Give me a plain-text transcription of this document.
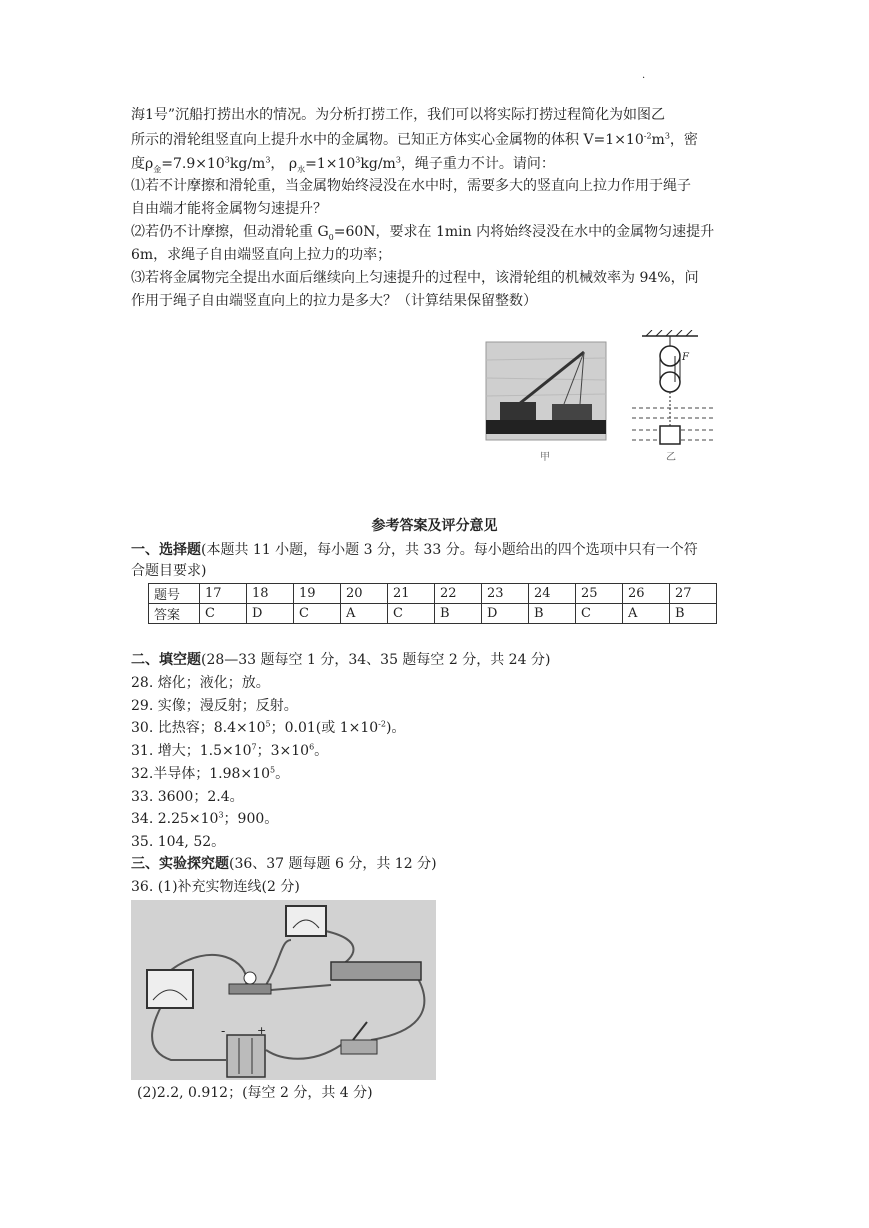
.
海1号”沉船打捞出水的情况。为分析打捞工作，我们可以将实际打捞过程简化为如图乙
所示的滑轮组竖直向上提升水中的金属物。已知正方体实心金属物的体积 $V=1\times 10^{-2}m^3$，密
度$\rho_金=7.9\times 10^3kg/m^3$， $\rho_水=1\times 10^3kg/m^3$，绳子重力不计。请问：
⑴若不计摩擦和滑轮重，当金属物始终浸没在水中时，需要多大的竖直向上拉力作用于绳子
自由端才能将金属物匀速提升？
⑵若仍不计摩擦，但动滑轮重 $G_0=60N$，要求在 1min 内将始终浸没在水中的金属物匀速提升
6m，求绳子自由端竖直向上拉力的功率；
⑶若将金属物完全提出水面后继续向上匀速提升的过程中，该滑轮组的机械效率为 94%，问
作用于绳子自由端竖直向上的拉力是多大？（计算结果保留整数）
甲
F
乙
参考答案及评分意见
一、选择题(本题共 11 小题，每小题 3 分，共 33 分。每小题给出的四个选项中只有一个符
合题目要求)
题号	17	18	19	20	21	22	23	24	25	26	27
答案	C	D	C	A	C	B	D	B	C	A	B
二、填空题(28—33 题每空 1 分，34、35 题每空 2 分，共 24 分)
28. 熔化；液化；放。
29. 实像；漫反射；反射。
30. 比热容；$8.4\times 10^5$；0.01(或 $1\times 10^{-2}$)。
31. 增大；$1.5\times 10^7$；$3\times 10^6$。
32.半导体；$1.98\times 10^5$。
33. 3600；2.4。
34. $2.25\times 10^3$；900。
35. 104, 52。
三、实验探究题(36、37 题每题 6 分，共 12 分)
36. (1)补充实物连线(2 分)
-	+
(2)2.2, 0.912；(每空 2 分，共 4 分)
